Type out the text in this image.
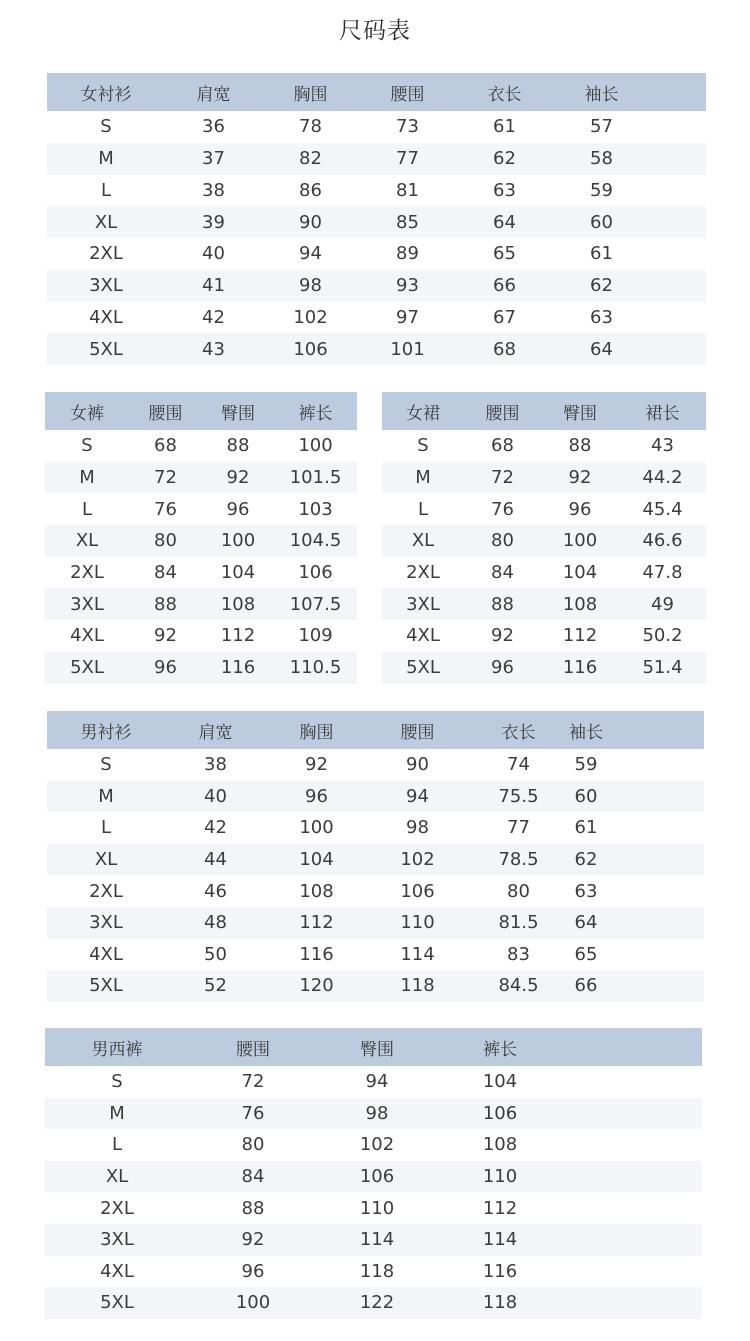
尺码表
女衬衫	肩宽	胸围	腰围	衣长	袖长
S	36	78	73	61	57
M	37	82	77	62	58
L	38	86	81	63	59
XL	39	90	85	64	60
2XL	40	94	89	65	61
3XL	41	98	93	66	62
4XL	42	102	97	67	63
5XL	43	106	101	68	64
女裤	腰围	臀围	裤长
S	68	88	100
M	72	92	101.5
L	76	96	103
XL	80	100	104.5
2XL	84	104	106
3XL	88	108	107.5
4XL	92	112	109
5XL	96	116	110.5
女裙	腰围	臀围	裙长
S	68	88	43
M	72	92	44.2
L	76	96	45.4
XL	80	100	46.6
2XL	84	104	47.8
3XL	88	108	49
4XL	92	112	50.2
5XL	96	116	51.4
男衬衫	肩宽	胸围	腰围	衣长	袖长
S	38	92	90	74	59
M	40	96	94	75.5	60
L	42	100	98	77	61
XL	44	104	102	78.5	62
2XL	46	108	106	80	63
3XL	48	112	110	81.5	64
4XL	50	116	114	83	65
5XL	52	120	118	84.5	66
男西裤	腰围	臀围	裤长
S	72	94	104
M	76	98	106
L	80	102	108
XL	84	106	110
2XL	88	110	112
3XL	92	114	114
4XL	96	118	116
5XL	100	122	118
